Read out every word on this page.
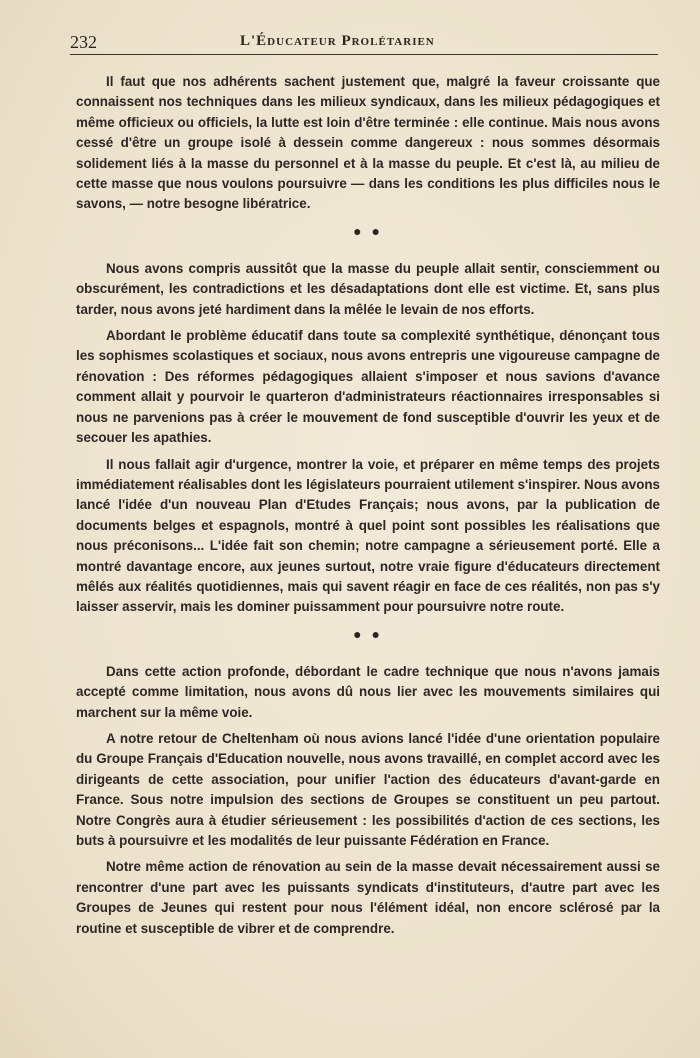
232	L'Éducateur Prolétarien

Il faut que nos adhérents sachent justement que, malgré la faveur croissante que connaissent nos techniques dans les milieux syndicaux, dans les milieux pédagogiques et même officieux ou officiels, la lutte est loin d'être terminée : elle continue. Mais nous avons cessé d'être un groupe isolé à dessein comme dangereux : nous sommes désormais solidement liés à la masse du personnel et à la masse du peuple. Et c'est là, au milieu de cette masse que nous voulons poursuivre — dans les conditions les plus difficiles nous le savons, — notre besogne libératrice.

● ●

Nous avons compris aussitôt que la masse du peuple allait sentir, consciemment ou obscurément, les contradictions et les désadaptations dont elle est victime. Et, sans plus tarder, nous avons jeté hardiment dans la mêlée le levain de nos efforts.

Abordant le problème éducatif dans toute sa complexité synthétique, dénonçant tous les sophismes scolastiques et sociaux, nous avons entrepris une vigoureuse campagne de rénovation : Des réformes pédagogiques allaient s'imposer et nous savions d'avance comment allait y pourvoir le quarteron d'administrateurs réactionnaires irresponsables si nous ne parvenions pas à créer le mouvement de fond susceptible d'ouvrir les yeux et de secouer les apathies.

Il nous fallait agir d'urgence, montrer la voie, et préparer en même temps des projets immédiatement réalisables dont les législateurs pourraient utilement s'inspirer. Nous avons lancé l'idée d'un nouveau Plan d'Etudes Français; nous avons, par la publication de documents belges et espagnols, montré à quel point sont possibles les réalisations que nous préconisons... L'idée fait son chemin; notre campagne a sérieusement porté. Elle a montré davantage encore, aux jeunes surtout, notre vraie figure d'éducateurs directement mêlés aux réalités quotidiennes, mais qui savent réagir en face de ces réalités, non pas s'y laisser asservir, mais les dominer puissamment pour poursuivre notre route.

● ●

Dans cette action profonde, débordant le cadre technique que nous n'avons jamais accepté comme limitation, nous avons dû nous lier avec les mouvements similaires qui marchent sur la même voie.

A notre retour de Cheltenham où nous avions lancé l'idée d'une orientation populaire du Groupe Français d'Education nouvelle, nous avons travaillé, en complet accord avec les dirigeants de cette association, pour unifier l'action des éducateurs d'avant-garde en France. Sous notre impulsion des sections de Groupes se constituent un peu partout. Notre Congrès aura à étudier sérieusement : les possibilités d'action de ces sections, les buts à poursuivre et les modalités de leur puissante Fédération en France.

Notre même action de rénovation au sein de la masse devait nécessairement aussi se rencontrer d'une part avec les puissants syndicats d'instituteurs, d'autre part avec les Groupes de Jeunes qui restent pour nous l'élément idéal, non encore sclérosé par la routine et susceptible de vibrer et de comprendre.
